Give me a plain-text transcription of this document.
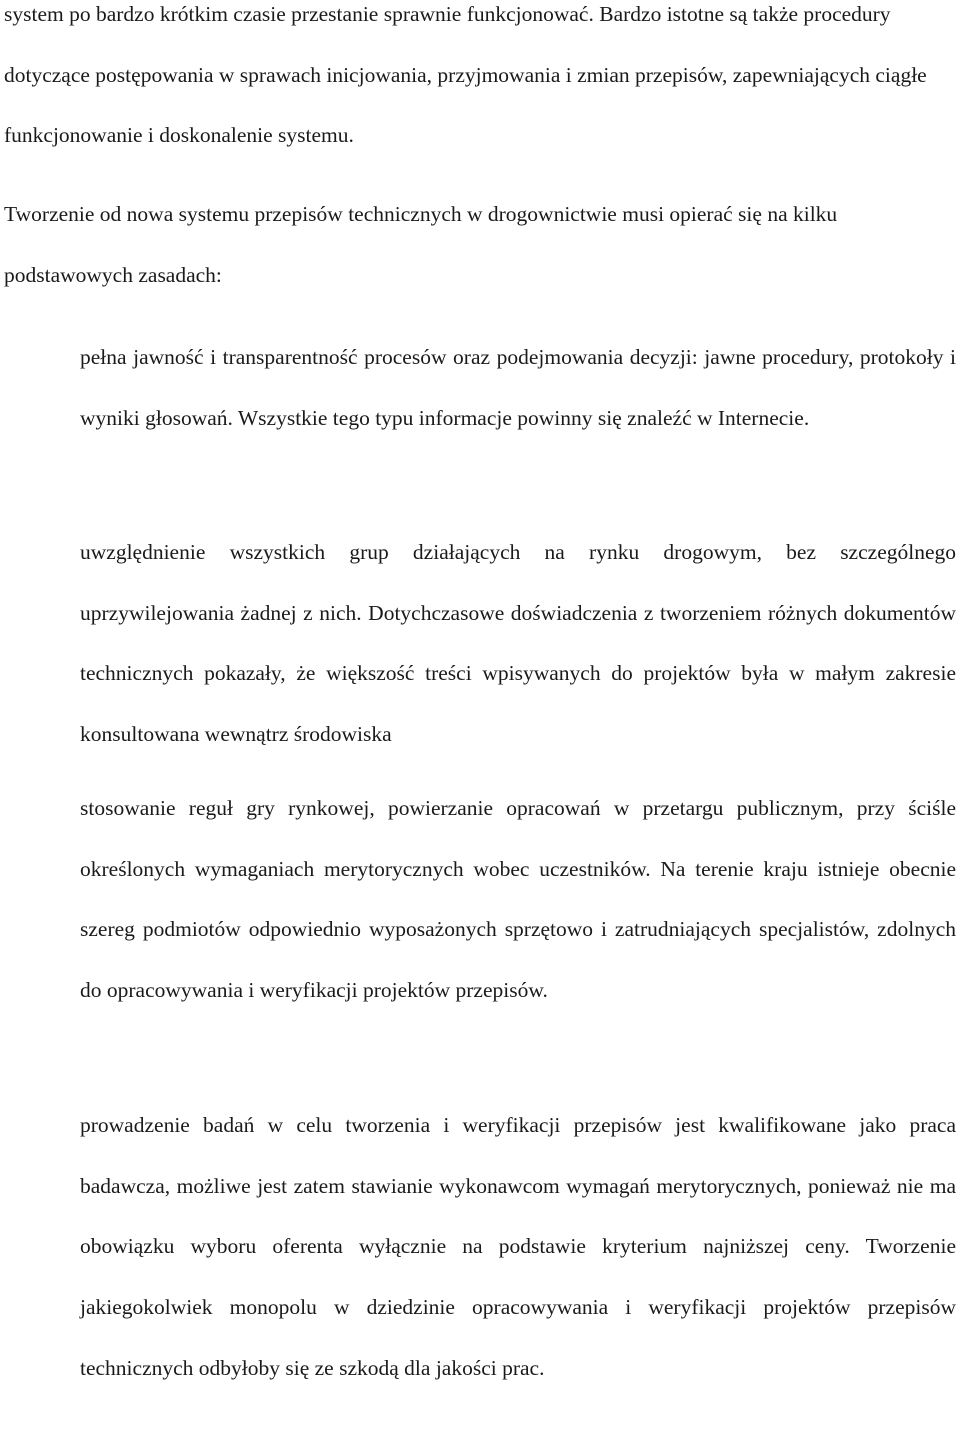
system po bardzo krótkim czasie przestanie sprawnie funkcjonować. Bardzo istotne są także procedury dotyczące postępowania w sprawach inicjowania, przyjmowania i zmian przepisów, zapewniających ciągłe funkcjonowanie i doskonalenie systemu.

Tworzenie od nowa systemu przepisów technicznych w drogownictwie musi opierać się na kilku podstawowych zasadach:

pełna jawność i transparentność procesów oraz podejmowania decyzji: jawne procedury, protokoły i wyniki głosowań. Wszystkie tego typu informacje powinny się znaleźć w Internecie.

uwzględnienie wszystkich grup działających na rynku drogowym, bez szczególnego uprzywilejowania żadnej z nich. Dotychczasowe doświadczenia z tworzeniem różnych dokumentów technicznych pokazały, że większość treści wpisywanych do projektów była w małym zakresie konsultowana wewnątrz środowiska

stosowanie reguł gry rynkowej, powierzanie opracowań w przetargu publicznym, przy ściśle określonych wymaganiach merytorycznych wobec uczestników. Na terenie kraju istnieje obecnie szereg podmiotów odpowiednio wyposażonych sprzętowo i zatrudniających specjalistów, zdolnych do opracowywania i weryfikacji projektów przepisów.

prowadzenie badań w celu tworzenia i weryfikacji przepisów jest kwalifikowane jako praca badawcza, możliwe jest zatem stawianie wykonawcom wymagań merytorycznych, ponieważ nie ma obowiązku wyboru oferenta wyłącznie na podstawie kryterium najniższej ceny. Tworzenie jakiegokolwiek monopolu w dziedzinie opracowywania i weryfikacji projektów przepisów technicznych odbyłoby się ze szkodą dla jakości prac.
